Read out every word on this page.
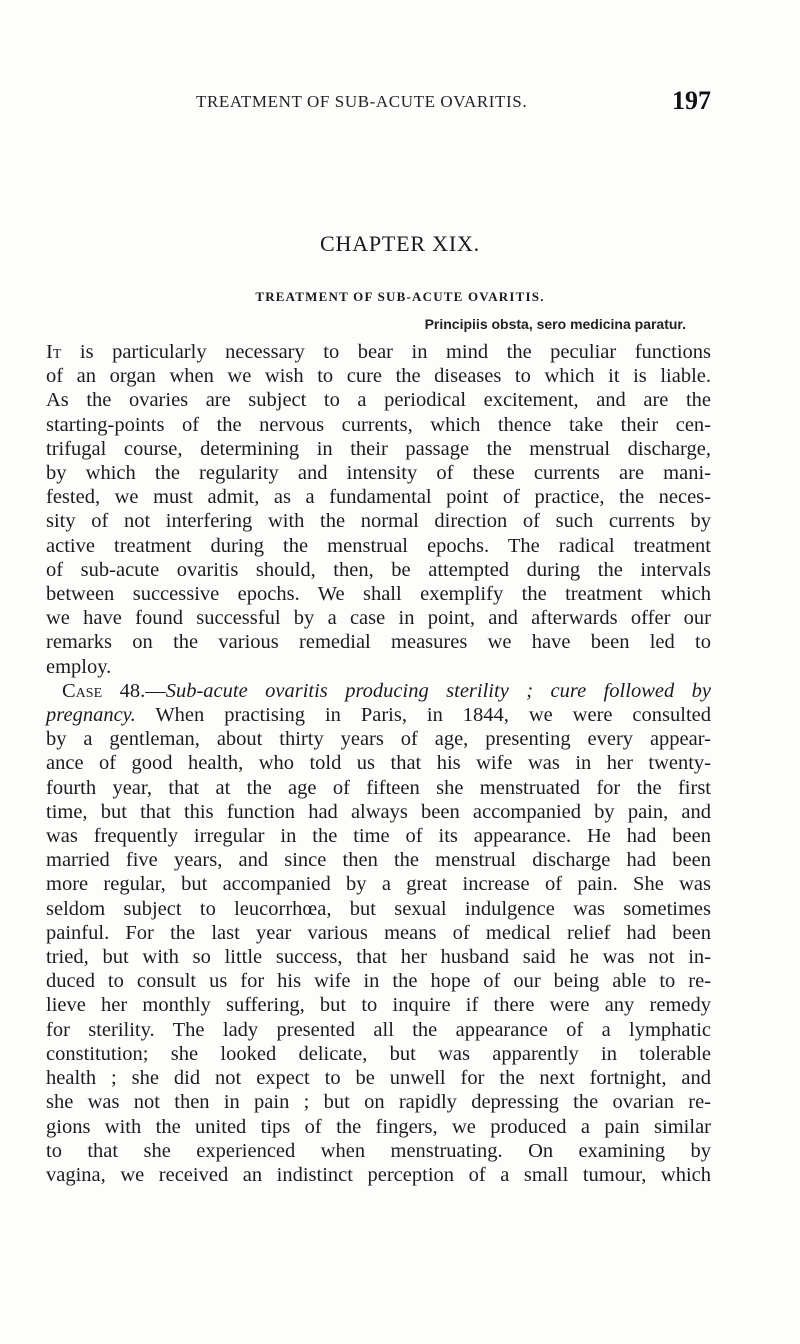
TREATMENT OF SUB-ACUTE OVARITIS.	197
CHAPTER XIX.
TREATMENT OF SUB-ACUTE OVARITIS.
Principiis obsta, sero medicina paratur.
It is particularly necessary to bear in mind the peculiar functions
of an organ when we wish to cure the diseases to which it is liable.
As the ovaries are subject to a periodical excitement, and are the
starting-points of the nervous currents, which thence take their cen-
trifugal course, determining in their passage the menstrual discharge,
by which the regularity and intensity of these currents are mani-
fested, we must admit, as a fundamental point of practice, the neces-
sity of not interfering with the normal direction of such currents by
active treatment during the menstrual epochs. The radical treatment
of sub-acute ovaritis should, then, be attempted during the intervals
between successive epochs. We shall exemplify the treatment which
we have found successful by a case in point, and afterwards offer our
remarks on the various remedial measures we have been led to
employ.
Case 48.—Sub-acute ovaritis producing sterility ; cure followed by
pregnancy. When practising in Paris, in 1844, we were consulted
by a gentleman, about thirty years of age, presenting every appear-
ance of good health, who told us that his wife was in her twenty-
fourth year, that at the age of fifteen she menstruated for the first
time, but that this function had always been accompanied by pain, and
was frequently irregular in the time of its appearance. He had been
married five years, and since then the menstrual discharge had been
more regular, but accompanied by a great increase of pain. She was
seldom subject to leucorrhœa, but sexual indulgence was sometimes
painful. For the last year various means of medical relief had been
tried, but with so little success, that her husband said he was not in-
duced to consult us for his wife in the hope of our being able to re-
lieve her monthly suffering, but to inquire if there were any remedy
for sterility. The lady presented all the appearance of a lymphatic
constitution; she looked delicate, but was apparently in tolerable
health ; she did not expect to be unwell for the next fortnight, and
she was not then in pain ; but on rapidly depressing the ovarian re-
gions with the united tips of the fingers, we produced a pain similar
to that she experienced when menstruating. On examining by
vagina, we received an indistinct perception of a small tumour, which
